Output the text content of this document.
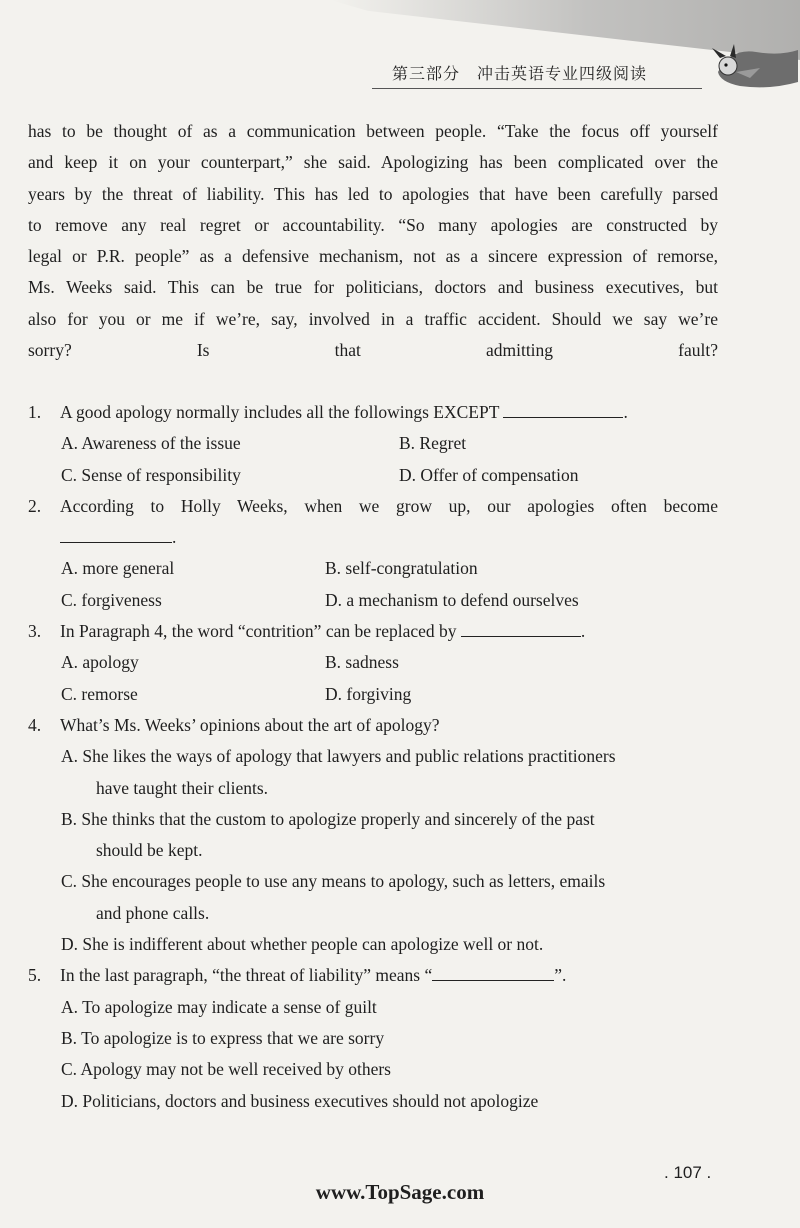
第三部分　冲击英语专业四级阅读

has to be thought of as a communication between people. “Take the focus off yourself
and keep it on your counterpart,” she said. Apologizing has been complicated over the
years by the threat of liability. This has led to apologies that have been carefully parsed
to remove any real regret or accountability. “So many apologies are constructed by
legal or P.R. people” as a defensive mechanism, not as a sincere expression of remorse,
Ms. Weeks said. This can be true for politicians, doctors and business executives, but
also for you or me if we’re, say, involved in a traffic accident. Should we say we’re
sorry? Is that admitting fault?

1.	A good apology normally includes all the followings EXCEPT	.
A. Awareness of the issue	B. Regret
C. Sense of responsibility	D. Offer of compensation
2.	According to Holly Weeks, when we grow up, our apologies often become
.
A. more general	B. self-congratulation
C. forgiveness	D. a mechanism to defend ourselves
3.	In Paragraph 4, the word “contrition” can be replaced by	.
A. apology	B. sadness
C. remorse	D. forgiving
4.	What’s Ms. Weeks’ opinions about the art of apology?
A. She likes the ways of apology that lawyers and public relations practitioners
have taught their clients.
B. She thinks that the custom to apologize properly and sincerely of the past
should be kept.
C. She encourages people to use any means to apology, such as letters, emails
and phone calls.
D. She is indifferent about whether people can apologize well or not.
5.	In the last paragraph, “the threat of liability” means “	”.
A. To apologize may indicate a sense of guilt
B. To apologize is to express that we are sorry
C. Apology may not be well received by others
D. Politicians, doctors and business executives should not apologize
. 107 .
www.TopSage.com
